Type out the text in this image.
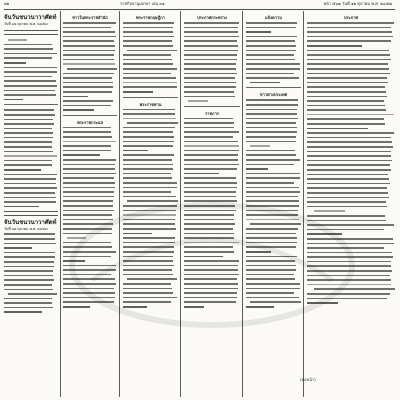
๒๒	ราชกิจจานุเบกษา เล่ม ๓๑	หน้า ๕๖๗ วันที่ ๑๒ ตุลาคม พ.ศ. ๒๔๕๗
จันวันชนวนาวาศัตท์
วันที่ ๑๒ ตุลาคม พ.ศ. ๒๔๕๗
จันวันชนวนาวาศัตท์
วันที่ ๑๒ ตุลาคม พ.ศ. ๒๔๕๗
ข่าวในพระราชสำนัก
พระราชกระแส
พระราชกฤษฎีกา
พระราชทาน
ประกาศกระทรวง
ราชการ
แจ้งความ
ข่าวต่างประเทศ
ประกาศ
(ต่อหน้า)
